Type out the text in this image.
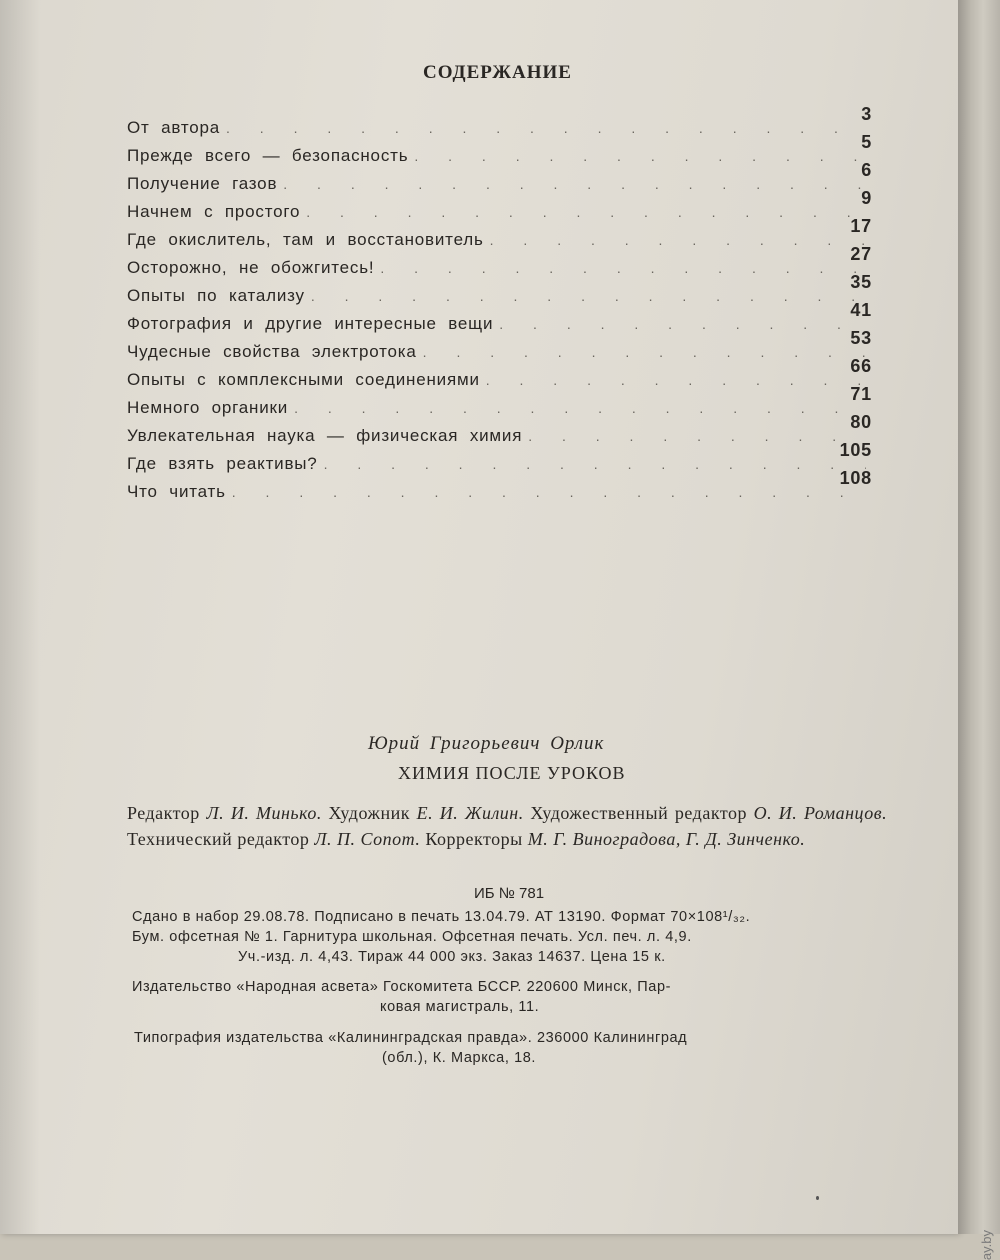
СОДЕРЖАНИЕ
От автора
. . .
3
Прежде всего — безопасность
. . .
5
Получение газов
. . .
6
Начнем с простого
. . .
9
Где окислитель, там и восстановитель
. . .
17
Осторожно, не обожгитесь!
. . .
27
Опыты по катализу
. . .
35
Фотография и другие интересные вещи
. . .
41
Чудесные свойства электротока
. . .
53
Опыты с комплексными соединениями
. . .
66
Немного органики
. . .
71
Увлекательная наука — физическая химия
. . .
80
Где взять реактивы?
. . .
105
Что читать
. . .
108
Юрий Григорьевич Орлик
ХИМИЯ ПОСЛЕ УРОКОВ
Редактор Л. И. Минько. Художник Е. И. Жилин. Художественный редактор О. И. Романцов. Технический редактор Л. П. Сопот. Корректоры М. Г. Виноградова, Г. Д. Зинченко.
ИБ № 781
Сдано в набор 29.08.78. Подписано в печать 13.04.79. АТ 13190. Формат 70×108¹/₃₂.
Бум. офсетная № 1. Гарнитура школьная. Офсетная печать. Усл. печ. л. 4,9.
Уч.-изд. л. 4,43. Тираж 44 000 экз. Заказ 14637. Цена 15 к.
Издательство «Народная асвета» Госкомитета БССР. 220600 Минск, Пар-
ковая магистраль, 11.
Типография издательства «Калининградская правда». 236000 Калининград
(обл.), К. Маркса, 18.
ay.by
